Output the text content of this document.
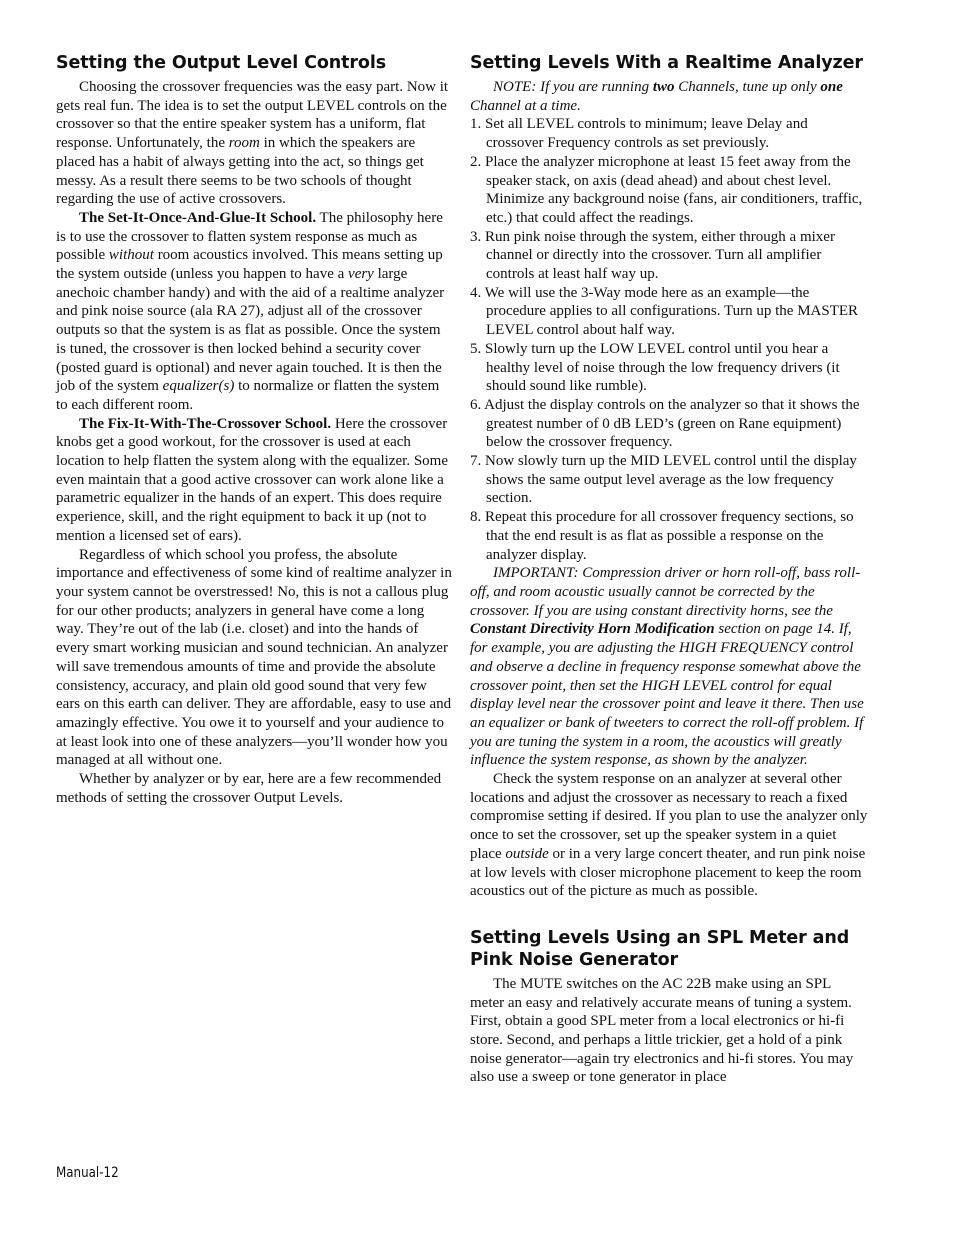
Setting the Output Level Controls

Choosing the crossover frequencies was the easy part. Now it gets real fun. The idea is to set the output LEVEL controls on the crossover so that the entire speaker system has a uniform, flat response. Unfortunately, the room in which the speakers are placed has a habit of always getting into the act, so things get messy. As a result there seems to be two schools of thought regarding the use of active crossovers.

The Set-It-Once-And-Glue-It School. The philosophy here is to use the crossover to flatten system response as much as possible without room acoustics involved. This means setting up the system outside (unless you happen to have a very large anechoic chamber handy) and with the aid of a realtime analyzer and pink noise source (ala RA 27), adjust all of the crossover outputs so that the system is as flat as possible. Once the system is tuned, the crossover is then locked behind a security cover (posted guard is optional) and never again touched. It is then the job of the system equalizer(s) to normalize or flatten the system to each different room.

The Fix-It-With-The-Crossover School. Here the crossover knobs get a good workout, for the crossover is used at each location to help flatten the system along with the equalizer. Some even maintain that a good active crossover can work alone like a parametric equalizer in the hands of an expert. This does require experience, skill, and the right equipment to back it up (not to mention a licensed set of ears).

Regardless of which school you profess, the absolute importance and effectiveness of some kind of realtime analyzer in your system cannot be overstressed! No, this is not a callous plug for our other products; analyzers in general have come a long way. They’re out of the lab (i.e. closet) and into the hands of every smart working musician and sound technician. An analyzer will save tremendous amounts of time and provide the absolute consistency, accuracy, and plain old good sound that very few ears on this earth can deliver. They are affordable, easy to use and amazingly effective. You owe it to yourself and your audience to at least look into one of these analyzers—you’ll wonder how you managed at all without one.

Whether by analyzer or by ear, here are a few recommended methods of setting the crossover Output Levels.

Setting Levels With a Realtime Analyzer

NOTE: If you are running two Channels, tune up only one Channel at a time.

1. Set all LEVEL controls to minimum; leave Delay and crossover Frequency controls as set previously.
2. Place the analyzer microphone at least 15 feet away from the speaker stack, on axis (dead ahead) and about chest level. Minimize any background noise (fans, air conditioners, traffic, etc.) that could affect the readings.
3. Run pink noise through the system, either through a mixer channel or directly into the crossover. Turn all amplifier controls at least half way up.
4. We will use the 3-Way mode here as an example—the procedure applies to all configurations. Turn up the MASTER LEVEL control about half way.
5. Slowly turn up the LOW LEVEL control until you hear a healthy level of noise through the low frequency drivers (it should sound like rumble).
6. Adjust the display controls on the analyzer so that it shows the greatest number of 0 dB LED’s (green on Rane equipment) below the crossover frequency.
7. Now slowly turn up the MID LEVEL control until the display shows the same output level average as the low frequency section.
8. Repeat this procedure for all crossover frequency sections, so that the end result is as flat as possible a response on the analyzer display.

IMPORTANT: Compression driver or horn roll-off, bass roll-off, and room acoustic usually cannot be corrected by the crossover. If you are using constant directivity horns, see the Constant Directivity Horn Modification section on page 14. If, for example, you are adjusting the HIGH FREQUENCY control and observe a decline in frequency response somewhat above the crossover point, then set the HIGH LEVEL control for equal display level near the crossover point and leave it there. Then use an equalizer or bank of tweeters to correct the roll-off problem. If you are tuning the system in a room, the acoustics will greatly influence the system response, as shown by the analyzer.

Check the system response on an analyzer at several other locations and adjust the crossover as necessary to reach a fixed compromise setting if desired. If you plan to use the analyzer only once to set the crossover, set up the speaker system in a quiet place outside or in a very large concert theater, and run pink noise at low levels with closer microphone placement to keep the room acoustics out of the picture as much as possible.

Setting Levels Using an SPL Meter and Pink Noise Generator

The MUTE switches on the AC 22B make using an SPL meter an easy and relatively accurate means of tuning a system. First, obtain a good SPL meter from a local electronics or hi-fi store. Second, and perhaps a little trickier, get a hold of a pink noise generator—again try electronics and hi-fi stores. You may also use a sweep or tone generator in place

Manual-12
